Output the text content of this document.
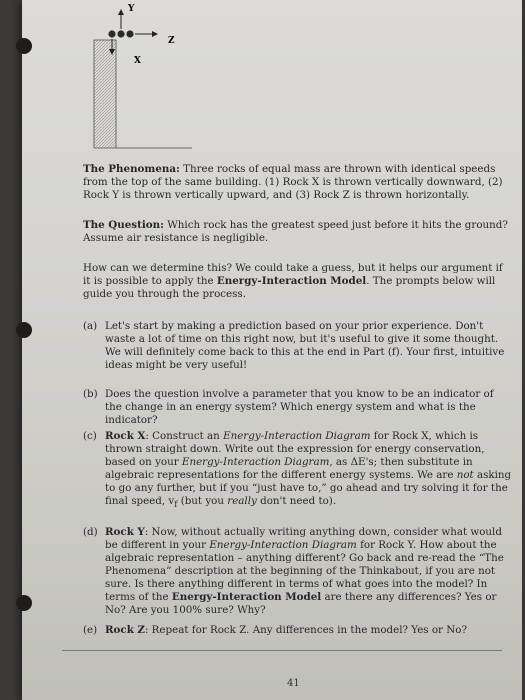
Y
Z
X
The Phenomena: Three rocks of equal mass are thrown with identical speeds from the top of the same building. (1) Rock X is thrown vertically downward, (2) Rock Y is thrown vertically upward, and (3) Rock Z is thrown horizontally.
The Question: Which rock has the greatest speed just before it hits the ground? Assume air resistance is negligible.
How can we determine this? We could take a guess, but it helps our argument if it is possible to apply the Energy-Interaction Model. The prompts below will guide you through the process.
(a) Let's start by making a prediction based on your prior experience. Don't waste a lot of time on this right now, but it's useful to give it some thought. We will definitely come back to this at the end in Part (f). Your first, intuitive ideas might be very useful!
(b) Does the question involve a parameter that you know to be an indicator of the change in an energy system? Which energy system and what is the indicator?
(c) Rock X: Construct an Energy-Interaction Diagram for Rock X, which is thrown straight down. Write out the expression for energy conservation, based on your Energy-Interaction Diagram, as ΔE's; then substitute in algebraic representations for the different energy systems. We are not asking to go any further, but if you “just have to,” go ahead and try solving it for the final speed, $v_f$ (but you really don't need to).
(d) Rock Y: Now, without actually writing anything down, consider what would be different in your Energy-Interaction Diagram for Rock Y. How about the algebraic representation – anything different? Go back and re-read the “The Phenomena” description at the beginning of the Thinkabout, if you are not sure. Is there anything different in terms of what goes into the model? In terms of the Energy-Interaction Model are there any differences? Yes or No? Are you 100% sure? Why?
(e) Rock Z: Repeat for Rock Z. Any differences in the model? Yes or No?
41
